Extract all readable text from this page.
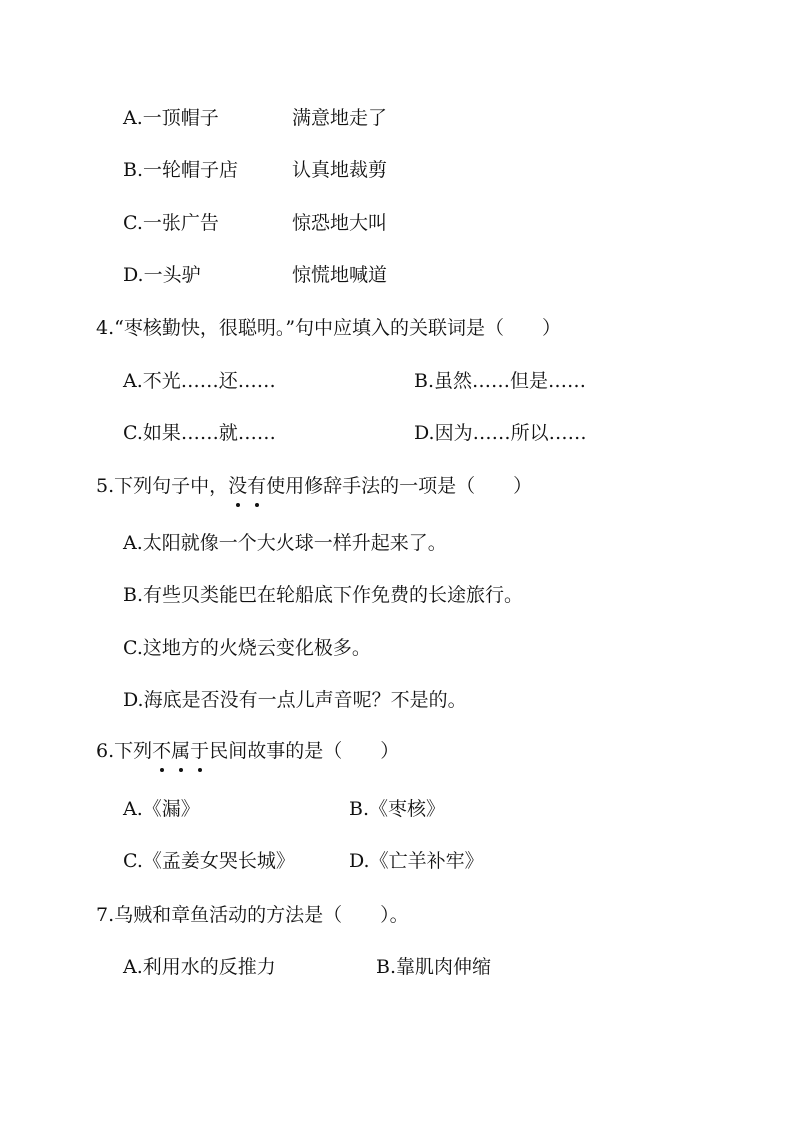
A.一顶帽子	满意地走了
B.一轮帽子店	认真地裁剪
C.一张广告	惊恐地大叫
D.一头驴	惊慌地喊道
4.“枣核勤快，很聪明。”句中应填入的关联词是（　　）
A.不光……还……	B.虽然……但是……
C.如果……就……	D.因为……所以……
5.下列句子中，没有使用修辞手法的一项是（　　）
A.太阳就像一个大火球一样升起来了。
B.有些贝类能巴在轮船底下作免费的长途旅行。
C.这地方的火烧云变化极多。
D.海底是否没有一点儿声音呢？不是的。
6.下列不属于民间故事的是（　　）
A.《漏》	B.《枣核》
C.《孟姜女哭长城》	D.《亡羊补牢》
7.乌贼和章鱼活动的方法是（　　）。
A.利用水的反推力	B.靠肌肉伸缩
